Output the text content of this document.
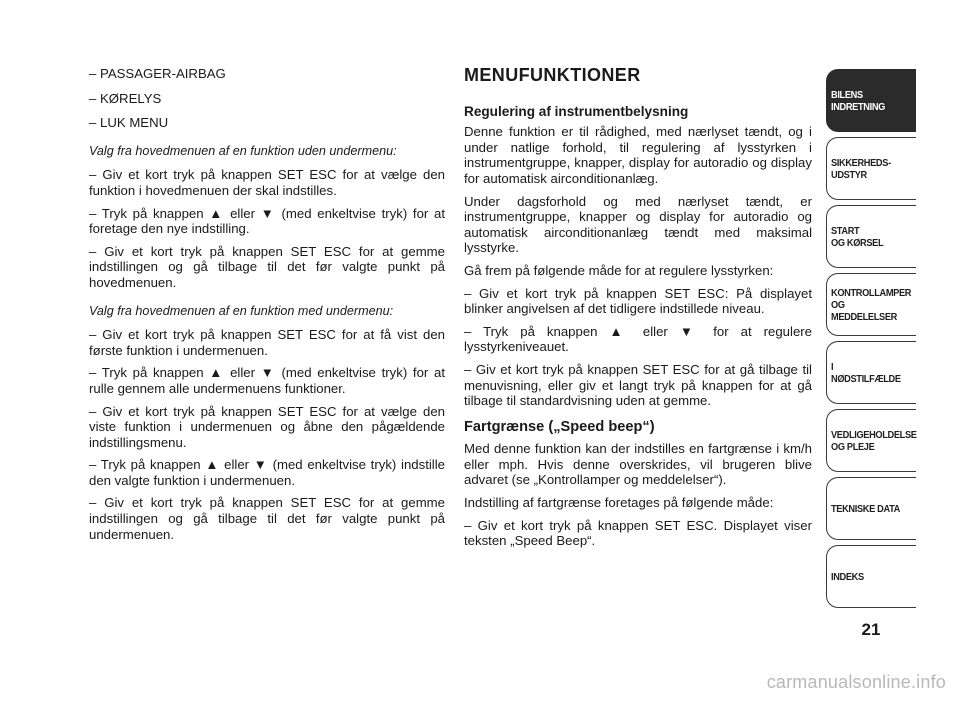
– PASSAGER-AIRBAG

– KØRELYS

– LUK MENU

Valg fra hovedmenuen af en funktion uden undermenu:

– Giv et kort tryk på knappen SET ESC for at vælge den funktion i hovedmenuen der skal indstilles.

– Tryk på knappen ▲ eller ▼ (med enkeltvise tryk) for at foretage den nye indstilling.

– Giv et kort tryk på knappen SET ESC for at gemme indstillingen og gå tilbage til det før valgte punkt på hovedmenuen.

Valg fra hovedmenuen af en funktion med undermenu:

– Giv et kort tryk på knappen SET ESC for at få vist den første funktion i undermenuen.

– Tryk på knappen ▲ eller ▼ (med enkeltvise tryk) for at rulle gennem alle undermenuens funktioner.

– Giv et kort tryk på knappen SET ESC for at vælge den viste funktion i undermenuen og åbne den pågældende indstillingsmenu.

– Tryk på knappen ▲ eller ▼ (med enkeltvise tryk) indstille den valgte funktion i undermenuen.

– Giv et kort tryk på knappen SET ESC for at gemme indstillingen og gå tilbage til det før valgte punkt på undermenuen.

MENUFUNKTIONER

Regulering af instrumentbelysning

Denne funktion er til rådighed, med nærlyset tændt, og i under natlige forhold, til regulering af lysstyrken i instrumentgruppe, knapper, display for autoradio og display for automatisk airconditionanlæg.

Under dagsforhold og med nærlyset tændt, er instrumentgruppe, knapper og display for autoradio og automatisk airconditionanlæg tændt med maksimal lysstyrke.

Gå frem på følgende måde for at regulere lysstyrken:

– Giv et kort tryk på knappen SET ESC: På displayet blinker angivelsen af det tidligere indstillede niveau.

– Tryk på knappen ▲ eller ▼ for at regulere lysstyrkeniveauet.

– Giv et kort tryk på knappen SET ESC for at gå tilbage til menuvisning, eller giv et langt tryk på knappen for at gå tilbage til standardvisning uden at gemme.

Fartgrænse („Speed beep“)

Med denne funktion kan der indstilles en fartgrænse i km/h eller mph. Hvis denne overskrides, vil brugeren blive advaret (se „Kontrollamper og meddelelser“).

Indstilling af fartgrænse foretages på følgende måde:

– Giv et kort tryk på knappen SET ESC. Displayet viser teksten „Speed Beep“.

BILENS
INDRETNING
SIKKERHEDS-
UDSTYR
START
OG KØRSEL
KONTROLLAMPER
OG MEDDELELSER
I NØDSTILFÆLDE
VEDLIGEHOLDELSE
OG PLEJE
TEKNISKE DATA
INDEKS
21
carmanualsonline.info
